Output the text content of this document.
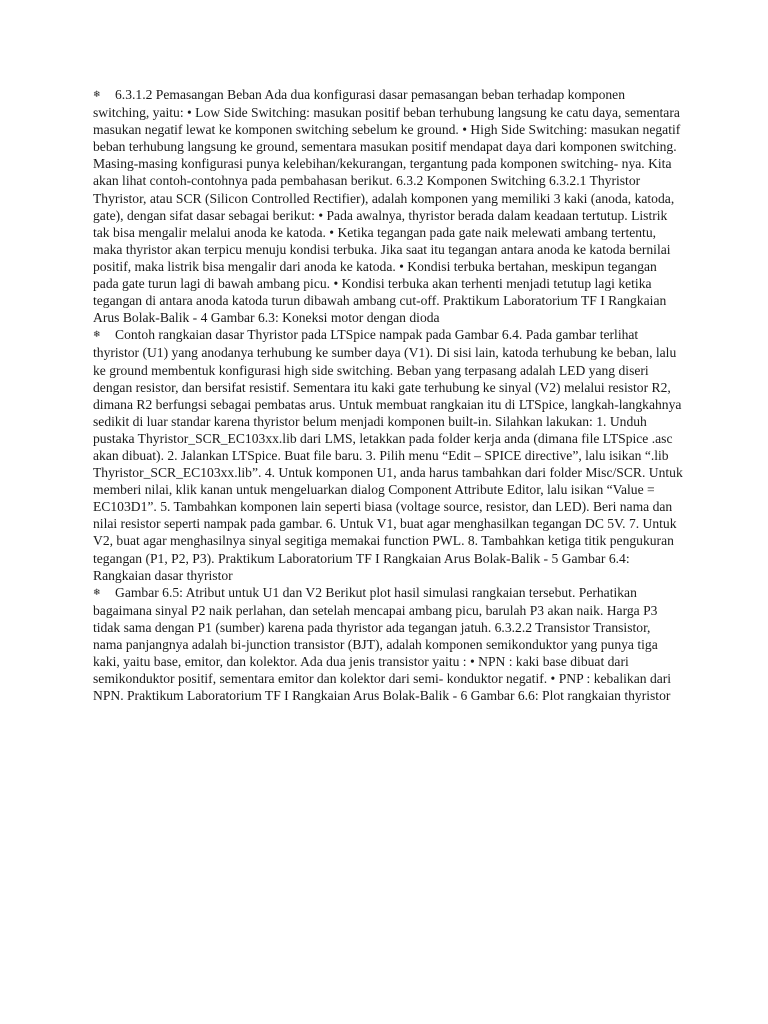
❄ 6.3.1.2 Pemasangan Beban Ada dua konfigurasi dasar pemasangan beban terhadap komponen switching, yaitu: • Low Side Switching: masukan positif beban terhubung langsung ke catu daya, sementara masukan negatif lewat ke komponen switching sebelum ke ground. • High Side Switching: masukan negatif beban terhubung langsung ke ground, sementara masukan positif mendapat daya dari komponen switching. Masing-masing konfigurasi punya kelebihan/kekurangan, tergantung pada komponen switching- nya. Kita akan lihat contoh-contohnya pada pembahasan berikut. 6.3.2 Komponen Switching 6.3.2.1 Thyristor Thyristor, atau SCR (Silicon Controlled Rectifier), adalah komponen yang memiliki 3 kaki (anoda, katoda, gate), dengan sifat dasar sebagai berikut: • Pada awalnya, thyristor berada dalam keadaan tertutup. Listrik tak bisa mengalir melalui anoda ke katoda. • Ketika tegangan pada gate naik melewati ambang tertentu, maka thyristor akan terpicu menuju kondisi terbuka. Jika saat itu tegangan antara anoda ke katoda bernilai positif, maka listrik bisa mengalir dari anoda ke katoda. • Kondisi terbuka bertahan, meskipun tegangan pada gate turun lagi di bawah ambang picu. • Kondisi terbuka akan terhenti menjadi tetutup lagi ketika tegangan di antara anoda katoda turun dibawah ambang cut-off. Praktikum Laboratorium TF I Rangkaian Arus Bolak-Balik - 4 Gambar 6.3: Koneksi motor dengan dioda

❄ Contoh rangkaian dasar Thyristor pada LTSpice nampak pada Gambar 6.4. Pada gambar terlihat thyristor (U1) yang anodanya terhubung ke sumber daya (V1). Di sisi lain, katoda terhubung ke beban, lalu ke ground membentuk konfigurasi high side switching. Beban yang terpasang adalah LED yang diseri dengan resistor, dan bersifat resistif. Sementara itu kaki gate terhubung ke sinyal (V2) melalui resistor R2, dimana R2 berfungsi sebagai pembatas arus. Untuk membuat rangkaian itu di LTSpice, langkah-langkahnya sedikit di luar standar karena thyristor belum menjadi komponen built-in. Silahkan lakukan: 1. Unduh pustaka Thyristor_SCR_EC103xx.lib dari LMS, letakkan pada folder kerja anda (dimana file LTSpice .asc akan dibuat). 2. Jalankan LTSpice. Buat file baru. 3. Pilih menu “Edit – SPICE directive”, lalu isikan “.lib Thyristor_SCR_EC103xx.lib”. 4. Untuk komponen U1, anda harus tambahkan dari folder Misc/SCR. Untuk memberi nilai, klik kanan untuk mengeluarkan dialog Component Attribute Editor, lalu isikan “Value = EC103D1”. 5. Tambahkan komponen lain seperti biasa (voltage source, resistor, dan LED). Beri nama dan nilai resistor seperti nampak pada gambar. 6. Untuk V1, buat agar menghasilkan tegangan DC 5V. 7. Untuk V2, buat agar menghasilnya sinyal segitiga memakai function PWL. 8. Tambahkan ketiga titik pengukuran tegangan (P1, P2, P3). Praktikum Laboratorium TF I Rangkaian Arus Bolak-Balik - 5 Gambar 6.4: Rangkaian dasar thyristor

❄ Gambar 6.5: Atribut untuk U1 dan V2 Berikut plot hasil simulasi rangkaian tersebut. Perhatikan bagaimana sinyal P2 naik perlahan, dan setelah mencapai ambang picu, barulah P3 akan naik. Harga P3 tidak sama dengan P1 (sumber) karena pada thyristor ada tegangan jatuh. 6.3.2.2 Transistor Transistor, nama panjangnya adalah bi-junction transistor (BJT), adalah komponen semikonduktor yang punya tiga kaki, yaitu base, emitor, dan kolektor. Ada dua jenis transistor yaitu : • NPN : kaki base dibuat dari semikonduktor positif, sementara emitor dan kolektor dari semi- konduktor negatif. • PNP : kebalikan dari NPN. Praktikum Laboratorium TF I Rangkaian Arus Bolak-Balik - 6 Gambar 6.6: Plot rangkaian thyristor
